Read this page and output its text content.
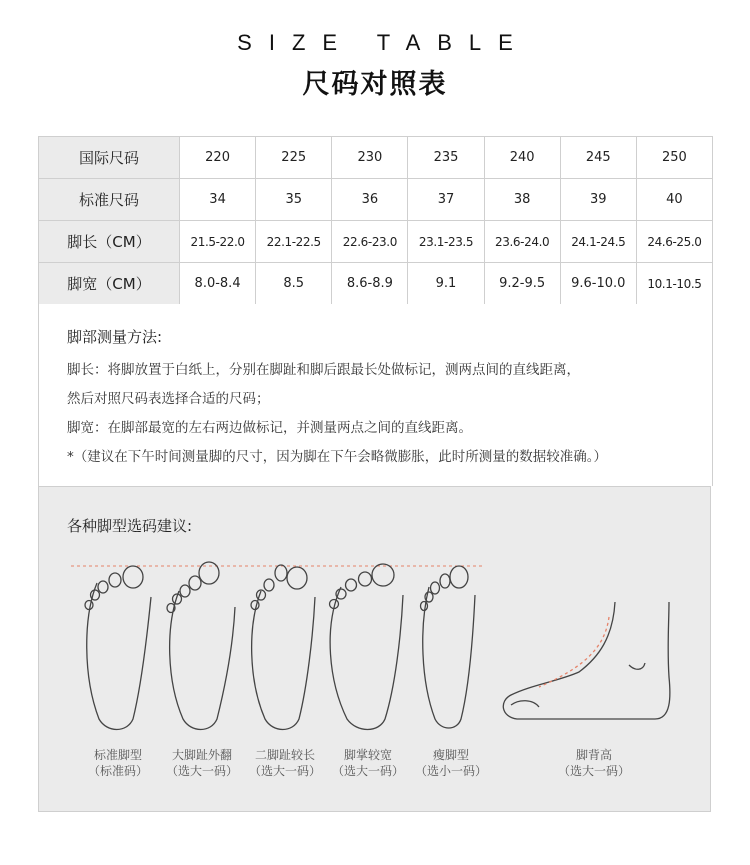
SIZE TABLE
尺码对照表
国际尺码	220	225	230	235	240	245	250
标准尺码	34	35	36	37	38	39	40
脚长（CM）	21.5-22.0	22.1-22.5	22.6-23.0	23.1-23.5	23.6-24.0	24.1-24.5	24.6-25.0
脚宽（CM）	8.0-8.4	8.5	8.6-8.9	9.1	9.2-9.5	9.6-10.0	10.1-10.5
脚部测量方法:
脚长：将脚放置于白纸上，分别在脚趾和脚后跟最长处做标记，测两点间的直线距离，
然后对照尺码表选择合适的尺码；
脚宽：在脚部最宽的左右两边做标记，并测量两点之间的直线距离。
*（建议在下午时间测量脚的尺寸，因为脚在下午会略微膨胀，此时所测量的数据较准确。）
各种脚型选码建议:
标准脚型
（标准码）
大脚趾外翻
（选大一码）
二脚趾较长
（选大一码）
脚掌较宽
（选大一码）
瘦脚型
（选小一码）
脚背高
（选大一码）
